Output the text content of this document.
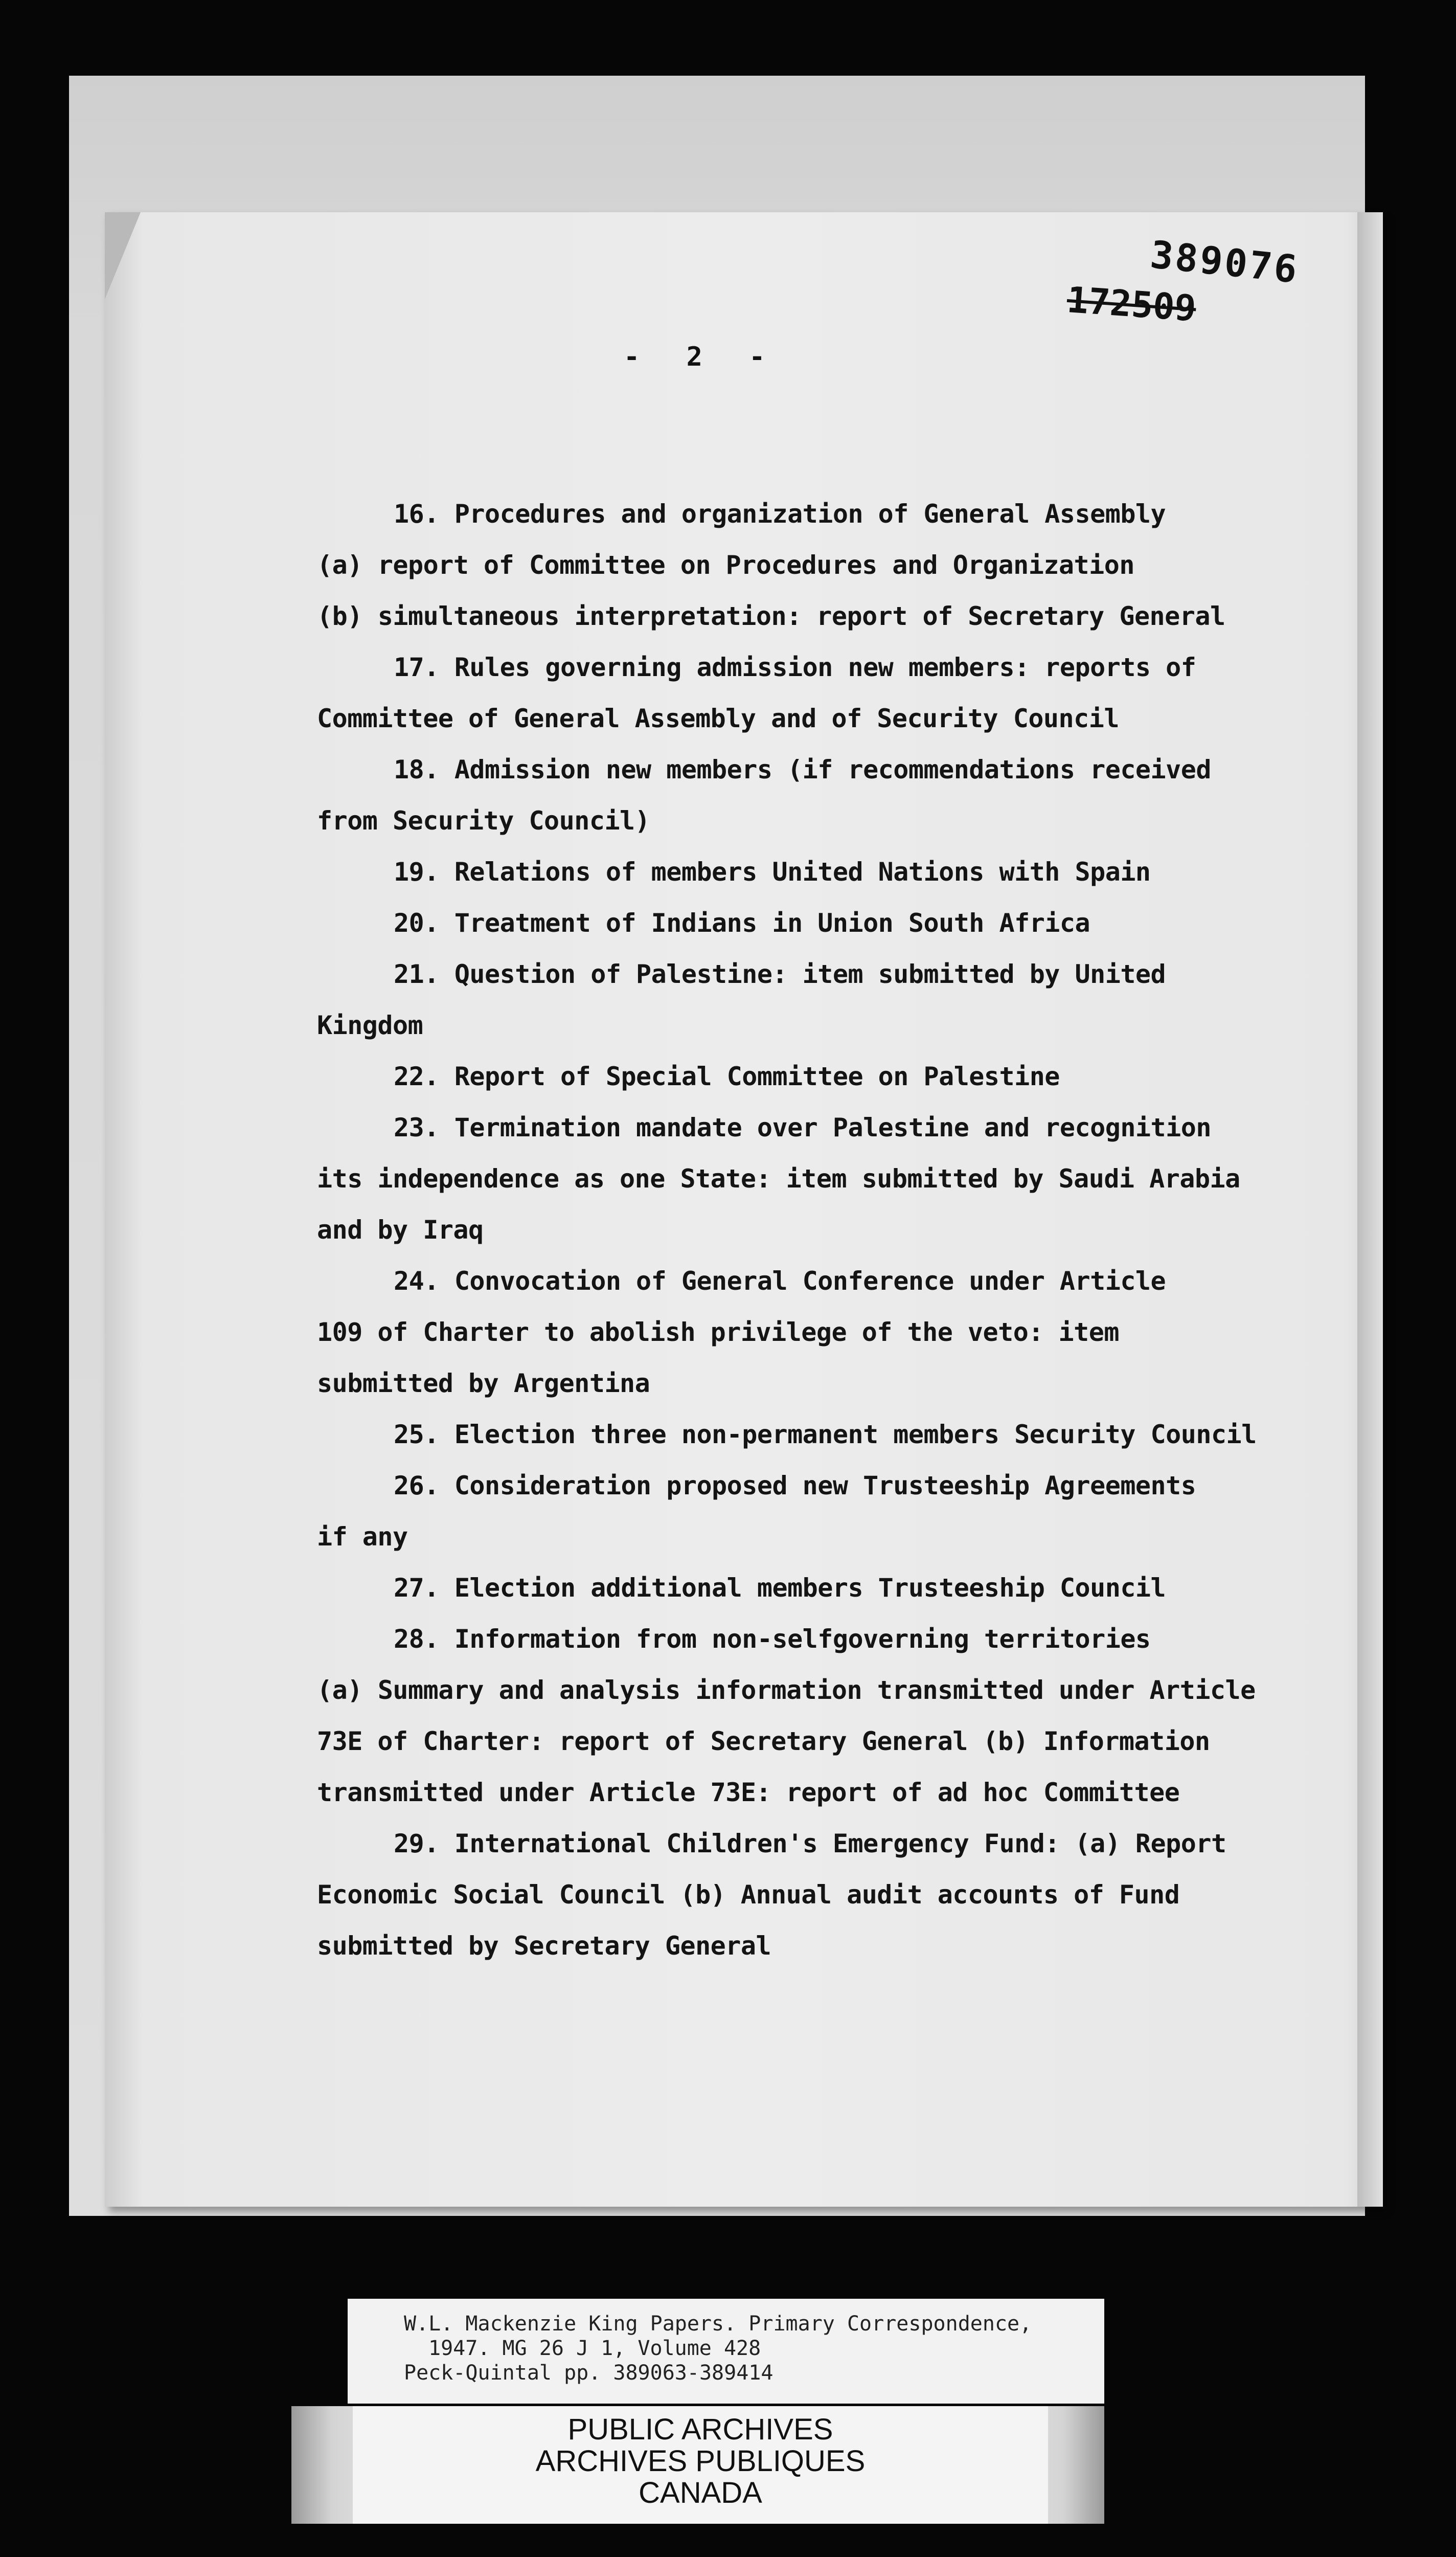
389076
172509
- 2 -
16. Procedures and organization of General Assembly
(a) report of Committee on Procedures and Organization
(b) simultaneous interpretation: report of Secretary General
17. Rules governing admission new members: reports of
Committee of General Assembly and of Security Council
18. Admission new members (if recommendations received
from Security Council)
19. Relations of members United Nations with Spain
20. Treatment of Indians in Union South Africa
21. Question of Palestine: item submitted by United
Kingdom
22. Report of Special Committee on Palestine
23. Termination mandate over Palestine and recognition
its independence as one State: item submitted by Saudi Arabia
and by Iraq
24. Convocation of General Conference under Article
109 of Charter to abolish privilege of the veto: item
submitted by Argentina
25. Election three non-permanent members Security Council
26. Consideration proposed new Trusteeship Agreements
if any
27. Election additional members Trusteeship Council
28. Information from non-selfgoverning territories
(a) Summary and analysis information transmitted under Article
73E of Charter: report of Secretary General (b) Information
transmitted under Article 73E: report of ad hoc Committee
29. International Children's Emergency Fund: (a) Report
Economic Social Council (b) Annual audit accounts of Fund
submitted by Secretary General
W.L. Mackenzie King Papers. Primary Correspondence,
1947. MG 26 J 1, Volume 428
Peck-Quintal pp. 389063-389414
PUBLIC ARCHIVES
ARCHIVES PUBLIQUES
CANADA
